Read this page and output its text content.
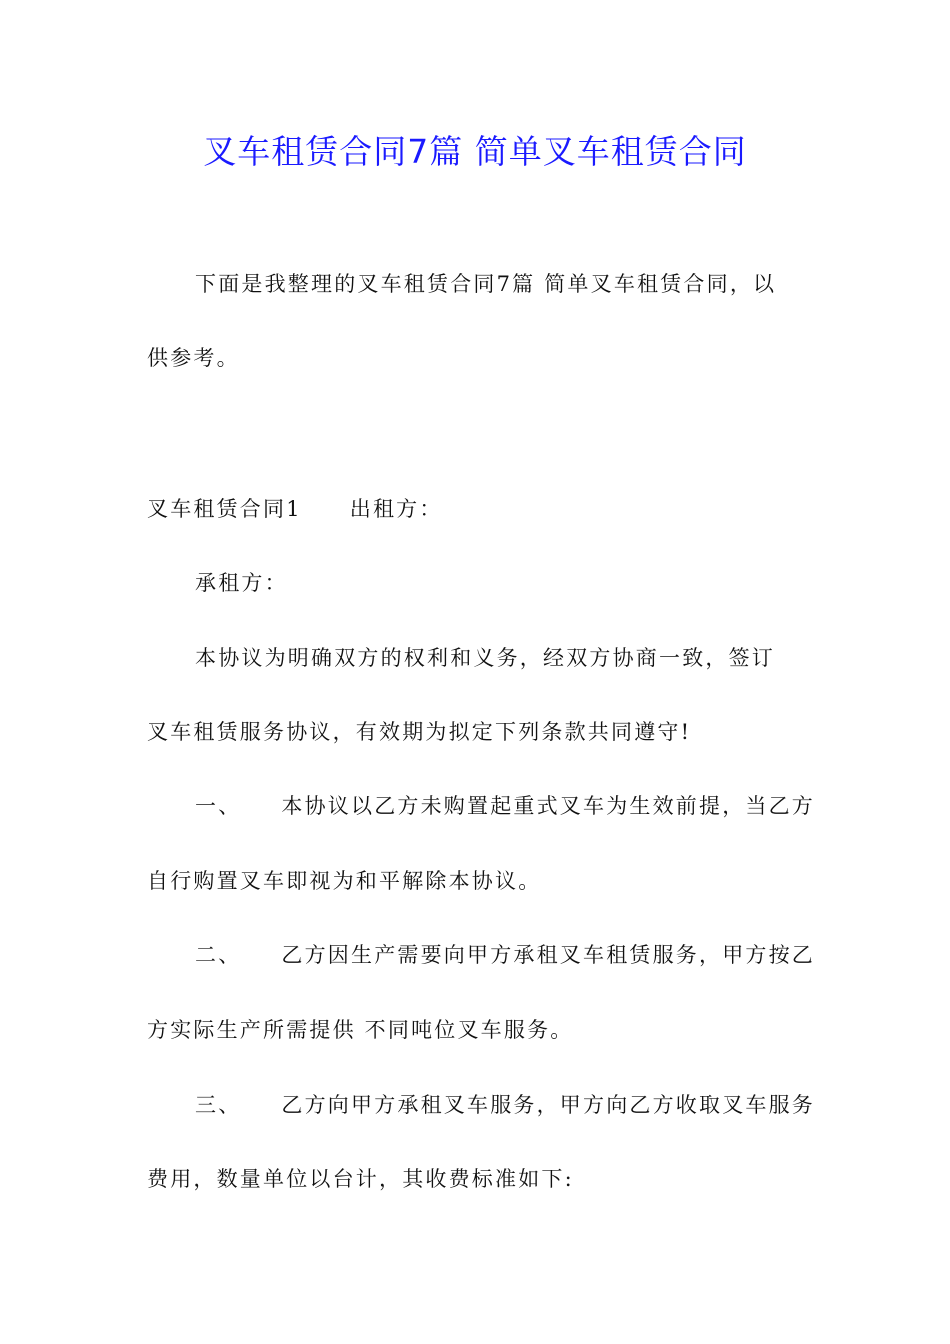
叉车租赁合同7篇 简单叉车租赁合同
下面是我整理的叉车租赁合同7篇 简单叉车租赁合同，以
供参考。
叉车租赁合同1 出租方：
承租方：
本协议为明确双方的权利和义务，经双方协商一致，签订
叉车租赁服务协议，有效期为拟定下列条款共同遵守!
一、 本协议以乙方未购置起重式叉车为生效前提，当乙方
自行购置叉车即视为和平解除本协议。
二、 乙方因生产需要向甲方承租叉车租赁服务，甲方按乙
方实际生产所需提供 不同吨位叉车服务。
三、 乙方向甲方承租叉车服务，甲方向乙方收取叉车服务
费用，数量单位以台计，其收费标准如下:
